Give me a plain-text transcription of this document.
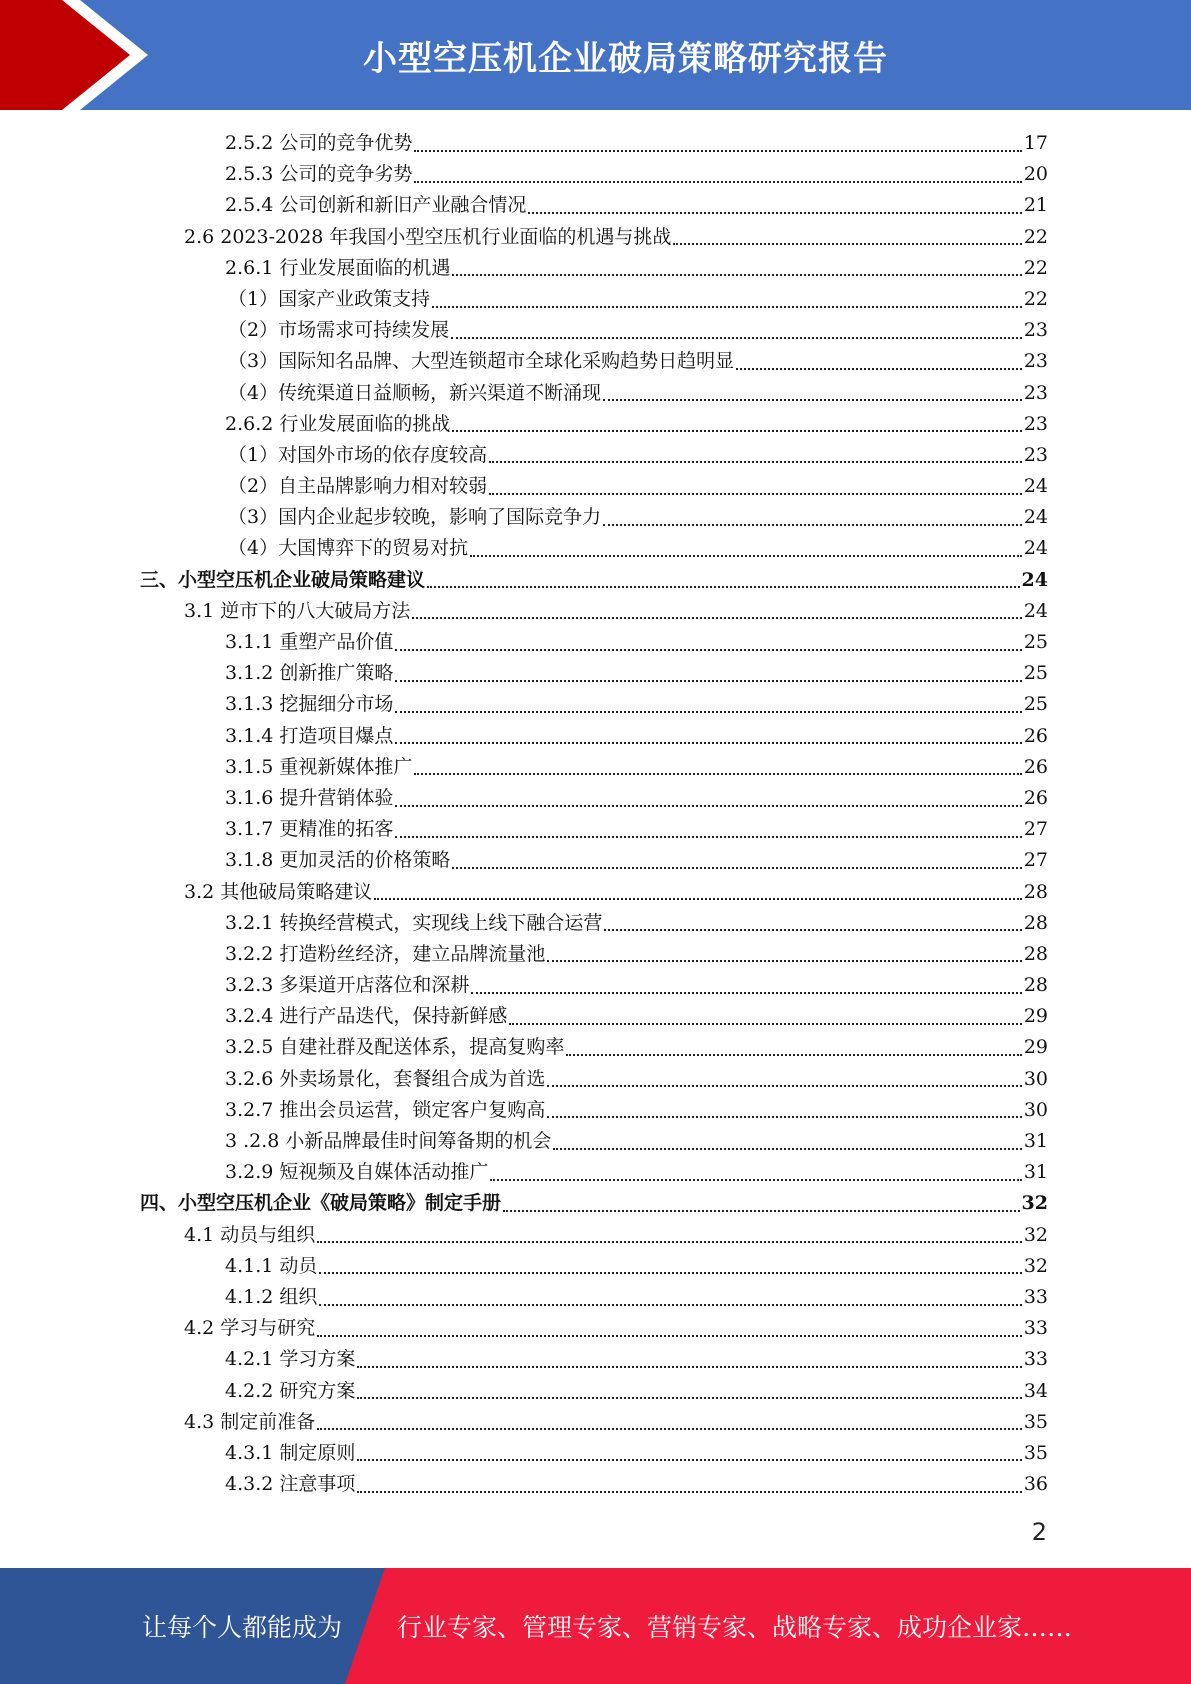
小型空压机企业破局策略研究报告
2.5.2 公司的竞争优势	17
2.5.3 公司的竞争劣势	20
2.5.4 公司创新和新旧产业融合情况	21
2.6 2023-2028 年我国小型空压机行业面临的机遇与挑战	22
2.6.1 行业发展面临的机遇	22
（1）国家产业政策支持	22
（2）市场需求可持续发展	23
（3）国际知名品牌、大型连锁超市全球化采购趋势日趋明显	23
（4）传统渠道日益顺畅，新兴渠道不断涌现	23
2.6.2 行业发展面临的挑战	23
（1）对国外市场的依存度较高	23
（2）自主品牌影响力相对较弱	24
（3）国内企业起步较晚，影响了国际竞争力	24
（4）大国博弈下的贸易对抗	24
三、小型空压机企业破局策略建议	24
3.1 逆市下的八大破局方法	24
3.1.1 重塑产品价值	25
3.1.2 创新推广策略	25
3.1.3 挖掘细分市场	25
3.1.4 打造项目爆点	26
3.1.5 重视新媒体推广	26
3.1.6 提升营销体验	26
3.1.7 更精准的拓客	27
3.1.8 更加灵活的价格策略	27
3.2 其他破局策略建议	28
3.2.1 转换经营模式，实现线上线下融合运营	28
3.2.2 打造粉丝经济，建立品牌流量池	28
3.2.3 多渠道开店落位和深耕	28
3.2.4 进行产品迭代，保持新鲜感	29
3.2.5 自建社群及配送体系，提高复购率	29
3.2.6 外卖场景化，套餐组合成为首选	30
3.2.7 推出会员运营，锁定客户复购高	30
3 .2.8 小新品牌最佳时间筹备期的机会	31
3.2.9 短视频及自媒体活动推广	31
四、小型空压机企业《破局策略》制定手册	32
4.1 动员与组织	32
4.1.1 动员	32
4.1.2 组织	33
4.2 学习与研究	33
4.2.1 学习方案	33
4.2.2 研究方案	34
4.3 制定前准备	35
4.3.1 制定原则	35
4.3.2 注意事项	36
2
让每个人都能成为 行业专家、管理专家、营销专家、战略专家、成功企业家……
